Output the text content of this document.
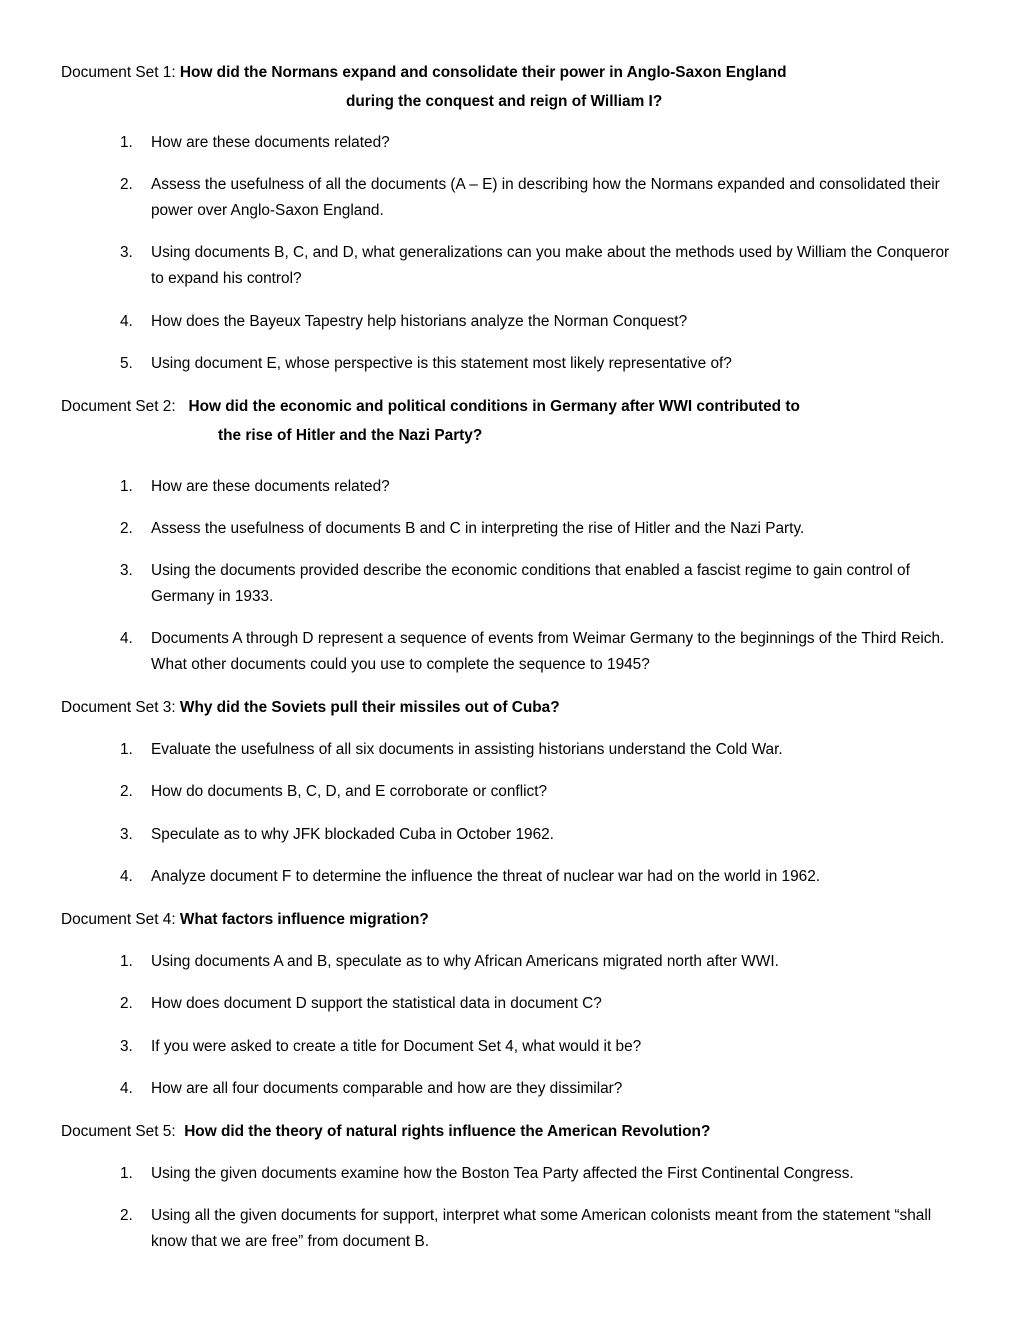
Document Set 1: How did the Normans expand and consolidate their power in Anglo-Saxon England
during the conquest and reign of William I?
1.	How are these documents related?
2.	Assess the usefulness of all the documents (A – E) in describing how the Normans expanded and consolidated their power over Anglo-Saxon England.
3.	Using documents B, C, and D, what generalizations can you make about the methods used by William the Conqueror to expand his control?
4.	How does the Bayeux Tapestry help historians analyze the Norman Conquest?
5.	Using document E, whose perspective is this statement most likely representative of?
Document Set 2:   How did the economic and political conditions in Germany after WWI contributed to
the rise of Hitler and the Nazi Party?
1.	How are these documents related?
2.	Assess the usefulness of documents B and C in interpreting the rise of Hitler and the Nazi Party.
3.	Using the documents provided describe the economic conditions that enabled a fascist regime to gain control of Germany in 1933.
4.	Documents A through D represent a sequence of events from Weimar Germany to the beginnings of the Third Reich. What other documents could you use to complete the sequence to 1945?
Document Set 3: Why did the Soviets pull their missiles out of Cuba?
1.	Evaluate the usefulness of all six documents in assisting historians understand the Cold War.
2.	How do documents B, C, D, and E corroborate or conflict?
3.	Speculate as to why JFK blockaded Cuba in October 1962.
4.	Analyze document F to determine the influence the threat of nuclear war had on the world in 1962.
Document Set 4: What factors influence migration?
1.	Using documents A and B, speculate as to why African Americans migrated north after WWI.
2.	How does document D support the statistical data in document C?
3.	If you were asked to create a title for Document Set 4, what would it be?
4.	How are all four documents comparable and how are they dissimilar?
Document Set 5:  How did the theory of natural rights influence the American Revolution?
1.	Using the given documents examine how the Boston Tea Party affected the First Continental Congress.
2.	Using all the given documents for support, interpret what some American colonists meant from the statement “shall know that we are free” from document B.
